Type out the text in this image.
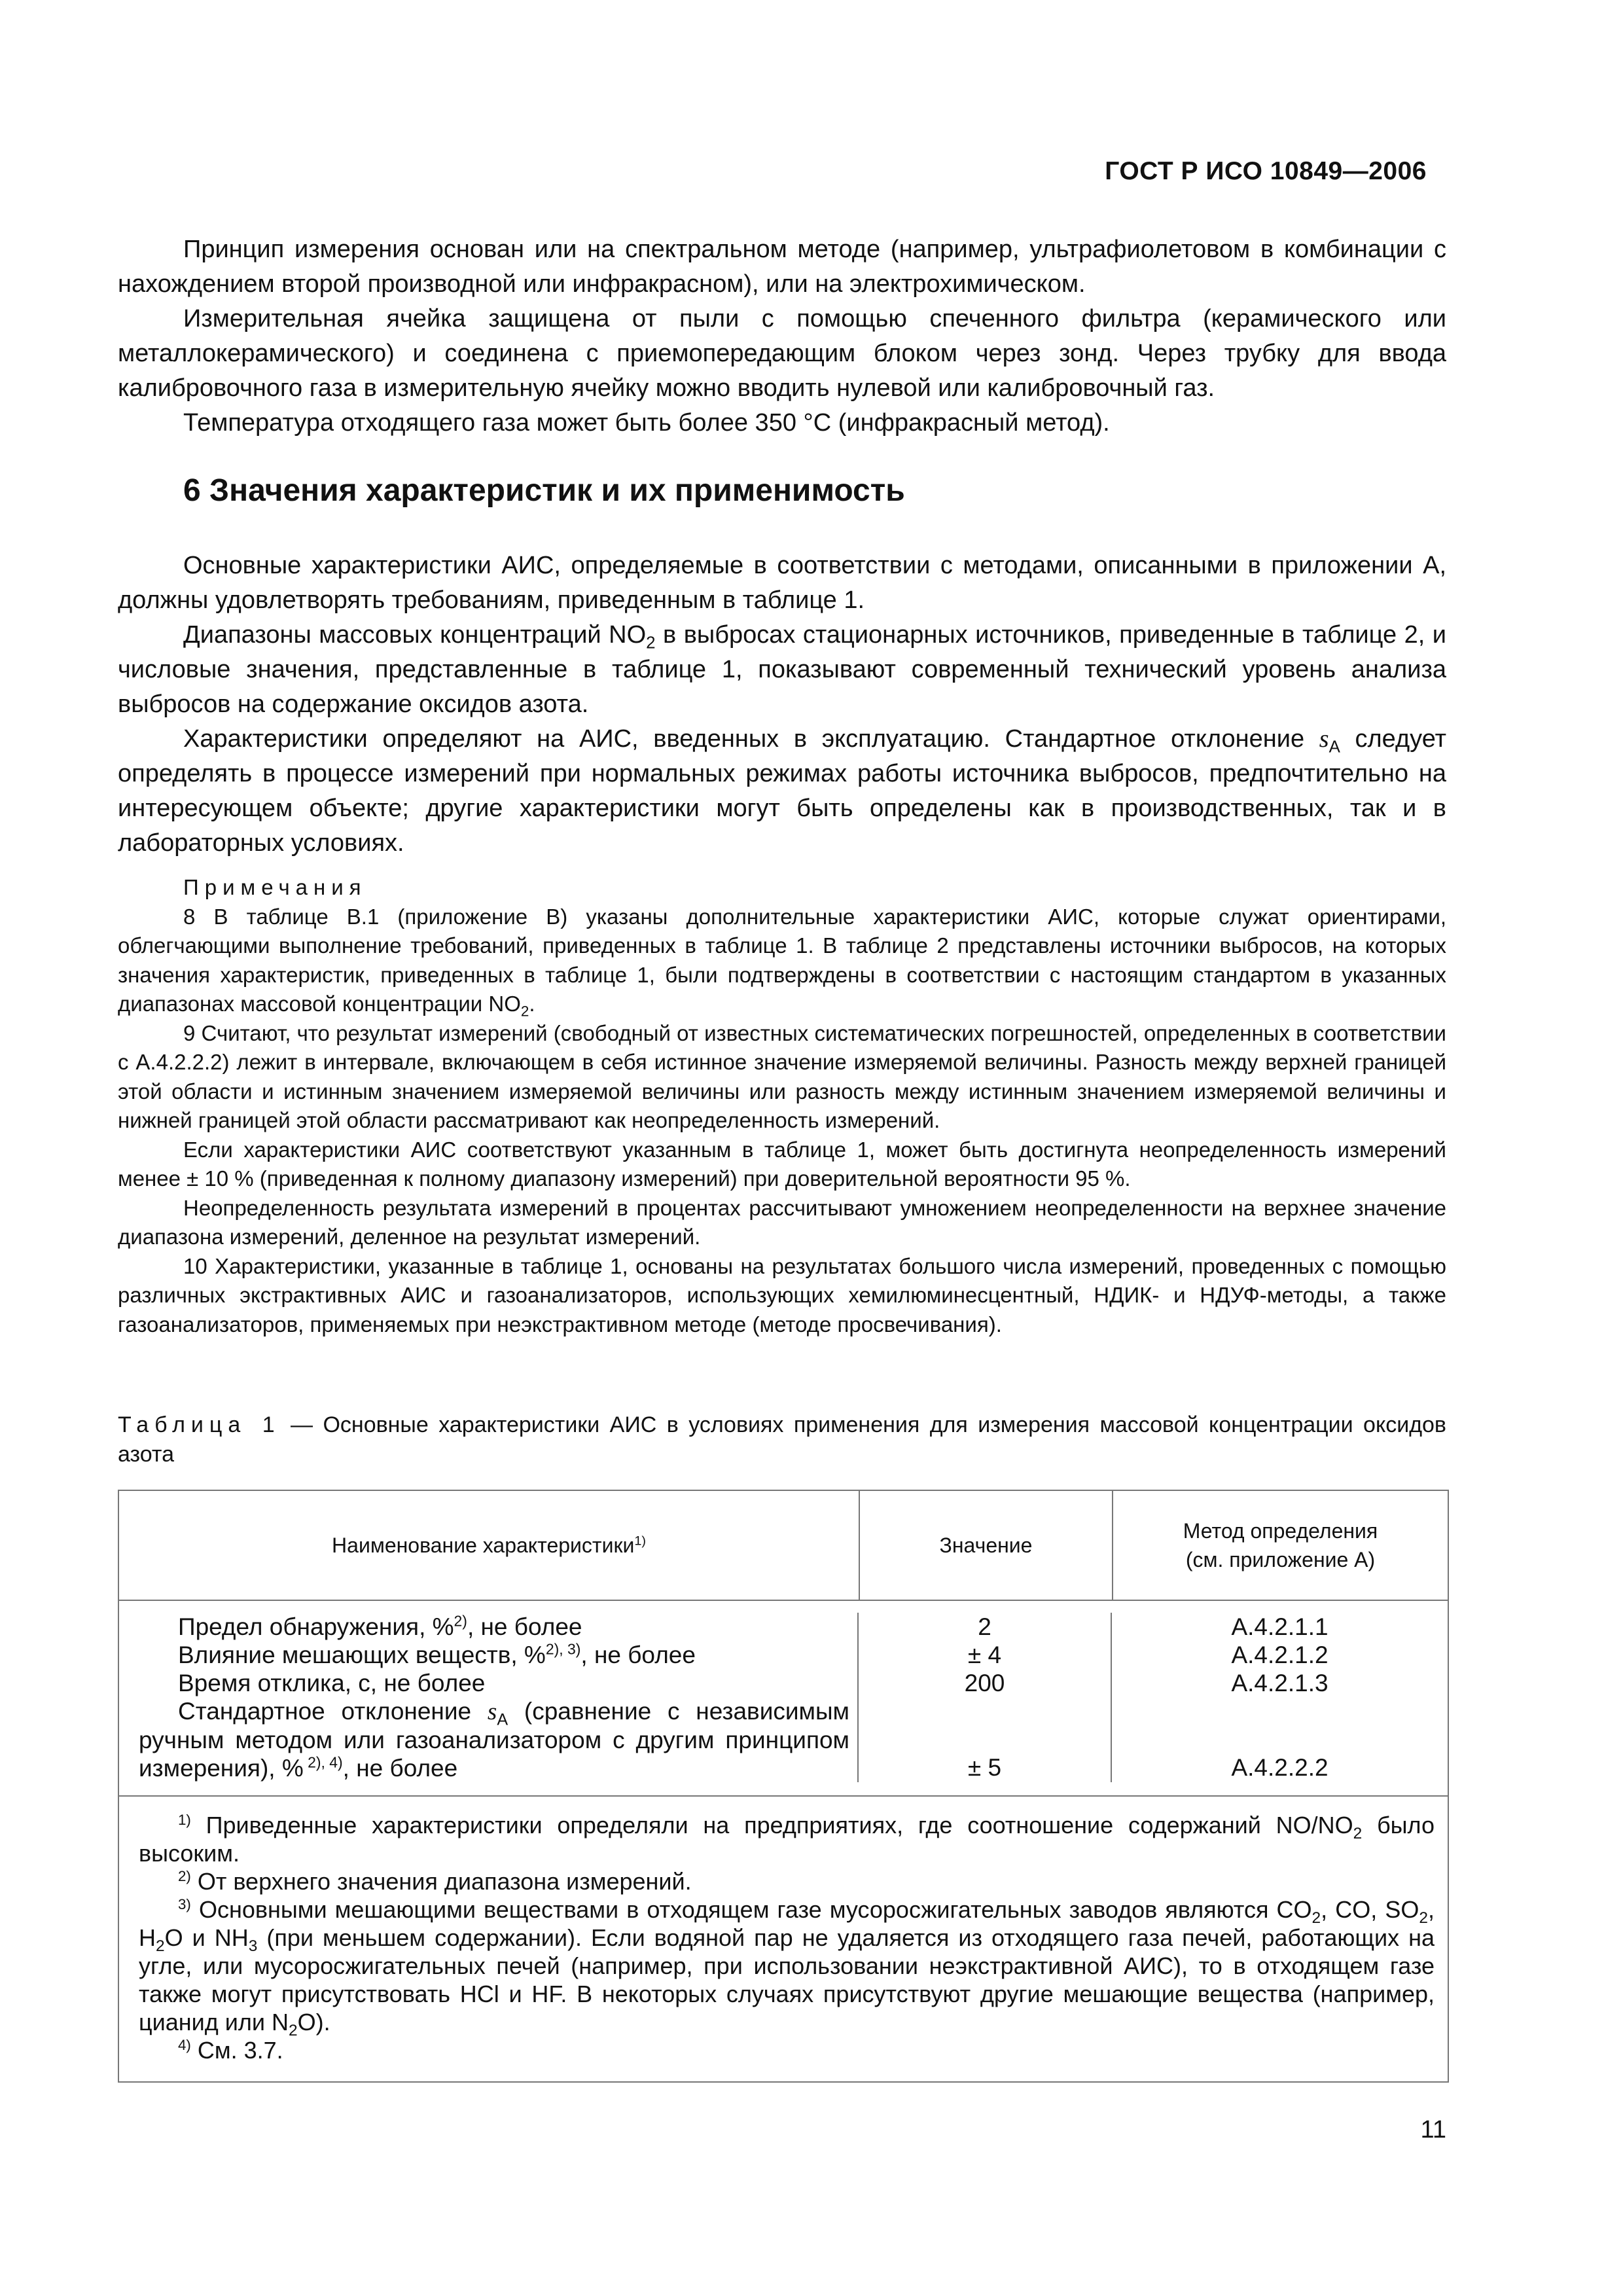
ГОСТ Р ИСО 10849—2006

Принцип измерения основан или на спектральном методе (например, ультрафиолетовом в комбинации с нахождением второй производной или инфракрасном), или на электрохимическом.

Измерительная ячейка защищена от пыли с помощью спеченного фильтра (керамического или металлокерамического) и соединена с приемопередающим блоком через зонд. Через трубку для ввода калибровочного газа в измерительную ячейку можно вводить нулевой или калибровочный газ.

Температура отходящего газа может быть более 350 °С (инфракрасный метод).

6 Значения характеристик и их применимость

Основные характеристики АИС, определяемые в соответствии с методами, описанными в приложении А, должны удовлетворять требованиям, приведенным в таблице 1.

Диапазоны массовых концентраций $NO_2$ в выбросах стационарных источников, приведенные в таблице 2, и числовые значения, представленные в таблице 1, показывают современный технический уровень анализа выбросов на содержание оксидов азота.

Характеристики определяют на АИС, введенных в эксплуатацию. Стандартное отклонение $s_А$ следует определять в процессе измерений при нормальных режимах работы источника выбросов, предпочтительно на интересующем объекте; другие характеристики могут быть определены как в производственных, так и в лабораторных условиях.

Примечания

8 В таблице В.1 (приложение В) указаны дополнительные характеристики АИС, которые служат ориентирами, облегчающими выполнение требований, приведенных в таблице 1. В таблице 2 представлены источники выбросов, на которых значения характеристик, приведенных в таблице 1, были подтверждены в соответствии с настоящим стандартом в указанных диапазонах массовой концентрации $NO_2$.

9 Считают, что результат измерений (свободный от известных систематических погрешностей, определенных в соответствии с А.4.2.2.2) лежит в интервале, включающем в себя истинное значение измеряемой величины. Разность между верхней границей этой области и истинным значением измеряемой величины или разность между истинным значением измеряемой величины и нижней границей этой области рассматривают как неопределенность измерений.

Если характеристики АИС соответствуют указанным в таблице 1, может быть достигнута неопределенность измерений менее ± 10 % (приведенная к полному диапазону измерений) при доверительной вероятности 95 %.

Неопределенность результата измерений в процентах рассчитывают умножением неопределенности на верхнее значение диапазона измерений, деленное на результат измерений.

10 Характеристики, указанные в таблице 1, основаны на результатах большого числа измерений, проведенных с помощью различных экстрактивных АИС и газоанализаторов, использующих хемилюминесцентный, НДИК- и НДУФ-методы, а также газоанализаторов, применяемых при неэкстрактивном методе (методе просвечивания).

Таблица 1 — Основные характеристики АИС в условиях применения для измерения массовой концентрации оксидов азота
Наименование характеристики$^{1)}$	Значение
Метод определения
(см. приложение А)
Предел обнаружения, %$^{2)}$, не более
Влияние мешающих веществ, %$^{2), 3)}$, не более
Время отклика, с, не более
Стандартное отклонение $s_А$ (сравнение с независимым ручным методом или газоанализатором с другим принципом измерения), % $^{2), 4)}$, не более
2
± 4
200
± 5
А.4.2.1.1
А.4.2.1.2
А.4.2.1.3
А.4.2.2.2

$^{1)}$ Приведенные характеристики определяли на предприятиях, где соотношение содержаний $NO/NO_2$ было высоким.

$^{2)}$ От верхнего значения диапазона измерений.

$^{3)}$ Основными мешающими веществами в отходящем газе мусоросжигательных заводов являются $CO_2$, CO, $SO_2$, $H_2O$ и $NH_3$ (при меньшем содержании). Если водяной пар не удаляется из отходящего газа печей, работающих на угле, или мусоросжигательных печей (например, при использовании неэкстрактивной АИС), то в отходящем газе также могут присутствовать HCl и HF. В некоторых случаях присутствуют другие мешающие вещества (например, цианид или $N_2O$).

$^{4)}$ См. 3.7.

11
